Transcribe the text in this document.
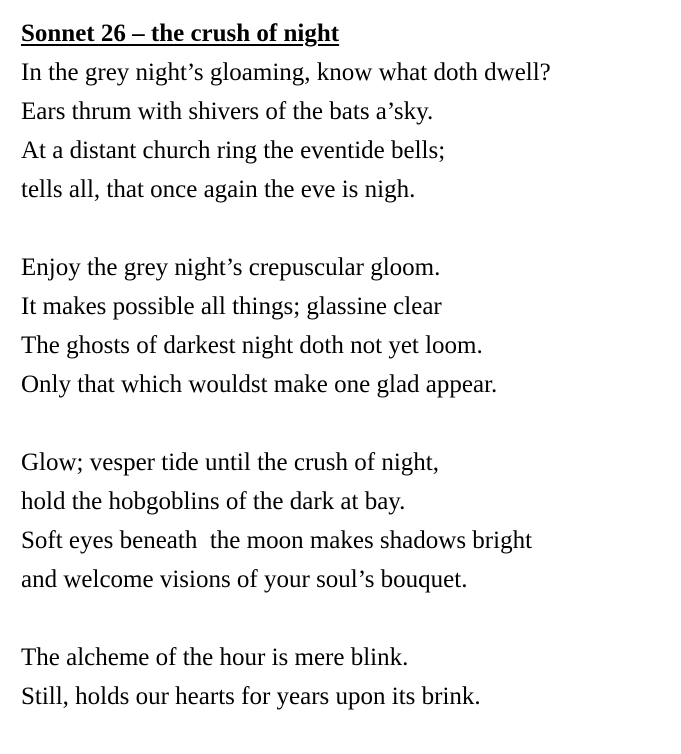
Sonnet 26 – the crush of night
In the grey night’s gloaming, know what doth dwell?
Ears thrum with shivers of the bats a’sky.
At a distant church ring the eventide bells;
tells all, that once again the eve is nigh.
Enjoy the grey night’s crepuscular gloom.
It makes possible all things; glassine clear
The ghosts of darkest night doth not yet loom.
Only that which wouldst make one glad appear.
Glow; vesper tide until the crush of night,
hold the hobgoblins of the dark at bay.
Soft eyes beneath  the moon makes shadows bright
and welcome visions of your soul’s bouquet.
The alcheme of the hour is mere blink.
Still, holds our hearts for years upon its brink.
